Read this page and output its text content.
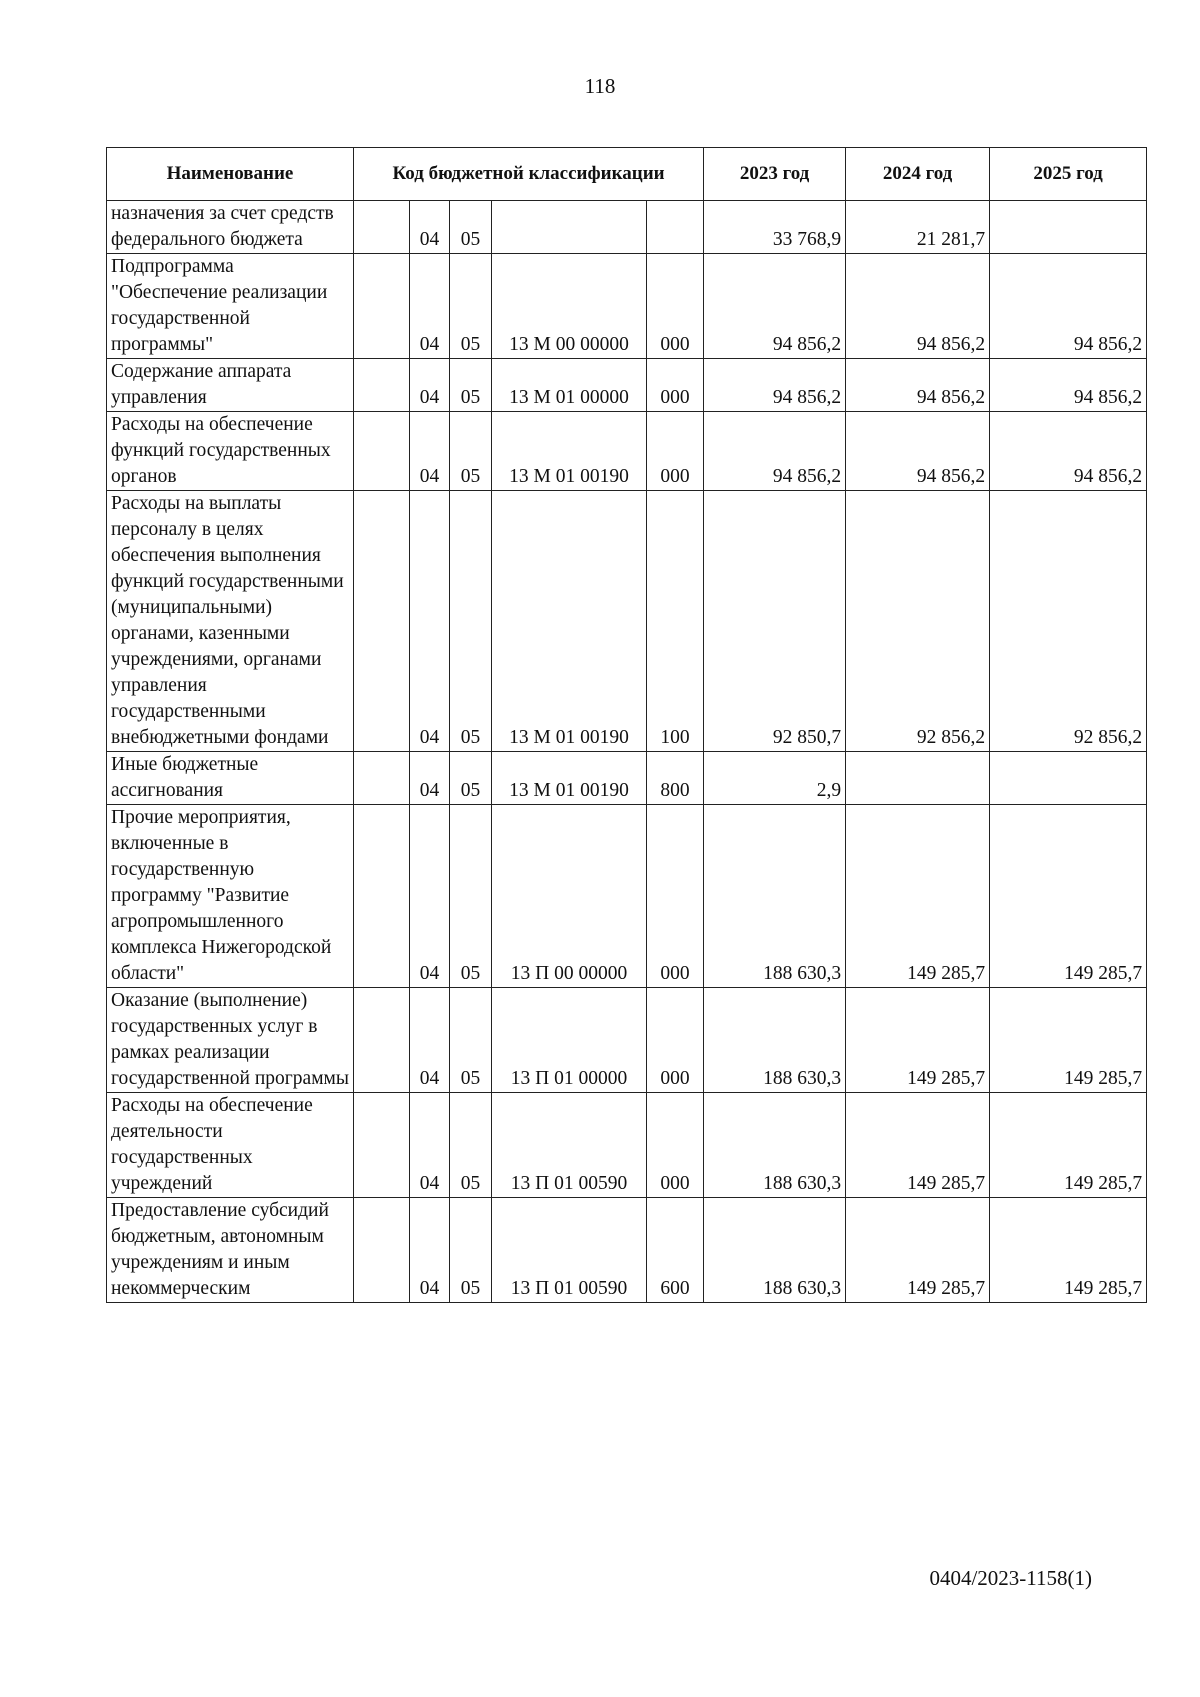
118
Наименование	Код бюджетной классификации					2023 год	2024 год	2025 год
назначения за счет средств федерального бюджета		04	05			33 768,9	21 281,7	
Подпрограмма "Обеспечение реализации государственной программы"		04	05	13 М 00 00000	000	94 856,2	94 856,2	94 856,2
Содержание аппарата управления		04	05	13 М 01 00000	000	94 856,2	94 856,2	94 856,2
Расходы на обеспечение функций государственных органов		04	05	13 М 01 00190	000	94 856,2	94 856,2	94 856,2
Расходы на выплаты персоналу в целях обеспечения выполнения функций государственными (муниципальными) органами, казенными учреждениями, органами управления государственными внебюджетными фондами		04	05	13 М 01 00190	100	92 850,7	92 856,2	92 856,2
Иные бюджетные ассигнования		04	05	13 М 01 00190	800	2,9		
Прочие мероприятия, включенные в государственную программу "Развитие агропромышленного комплекса Нижегородской области"		04	05	13 П 00 00000	000	188 630,3	149 285,7	149 285,7
Оказание (выполнение) государственных услуг в рамках реализации государственной программы		04	05	13 П 01 00000	000	188 630,3	149 285,7	149 285,7
Расходы на обеспечение деятельности государственных учреждений		04	05	13 П 01 00590	000	188 630,3	149 285,7	149 285,7
Предоставление субсидий бюджетным, автономным учреждениям и иным некоммерческим		04	05	13 П 01 00590	600	188 630,3	149 285,7	149 285,7
0404/2023-1158(1)
